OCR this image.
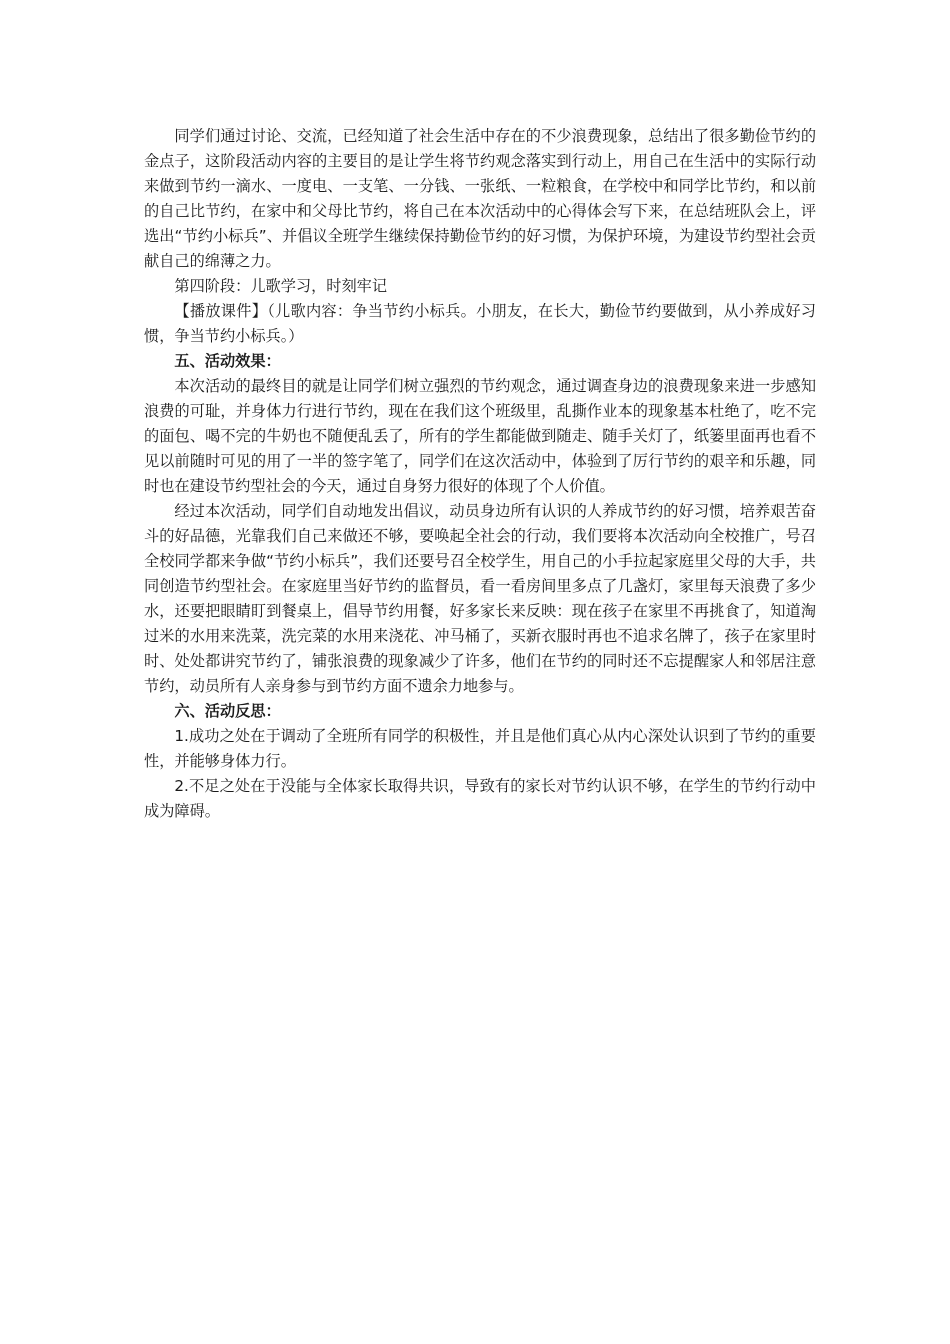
同学们通过讨论、交流，已经知道了社会生活中存在的不少浪费现象，总结出了很多勤俭节约的金点子，这阶段活动内容的主要目的是让学生将节约观念落实到行动上，用自己在生活中的实际行动来做到节约一滴水、一度电、一支笔、一分钱、一张纸、一粒粮食，在学校中和同学比节约，和以前的自己比节约，在家中和父母比节约，将自己在本次活动中的心得体会写下来，在总结班队会上，评选出“节约小标兵”、并倡议全班学生继续保持勤俭节约的好习惯，为保护环境，为建设节约型社会贡献自己的绵薄之力。

第四阶段：儿歌学习，时刻牢记

【播放课件】（儿歌内容：争当节约小标兵。小朋友，在长大，勤俭节约要做到，从小养成好习惯，争当节约小标兵。）

五、活动效果：

本次活动的最终目的就是让同学们树立强烈的节约观念，通过调查身边的浪费现象来进一步感知浪费的可耻，并身体力行进行节约，现在在我们这个班级里，乱撕作业本的现象基本杜绝了，吃不完的面包、喝不完的牛奶也不随便乱丢了，所有的学生都能做到随走、随手关灯了，纸篓里面再也看不见以前随时可见的用了一半的签字笔了，同学们在这次活动中，体验到了厉行节约的艰辛和乐趣，同时也在建设节约型社会的今天，通过自身努力很好的体现了个人价值。

经过本次活动，同学们自动地发出倡议，动员身边所有认识的人养成节约的好习惯，培养艰苦奋斗的好品德，光靠我们自己来做还不够，要唤起全社会的行动，我们要将本次活动向全校推广，号召全校同学都来争做“节约小标兵”，我们还要号召全校学生，用自己的小手拉起家庭里父母的大手，共同创造节约型社会。在家庭里当好节约的监督员，看一看房间里多点了几盏灯，家里每天浪费了多少水，还要把眼睛盯到餐桌上，倡导节约用餐，好多家长来反映：现在孩子在家里不再挑食了，知道淘过米的水用来洗菜，洗完菜的水用来浇花、冲马桶了，买新衣服时再也不追求名牌了，孩子在家里时时、处处都讲究节约了，铺张浪费的现象减少了许多，他们在节约的同时还不忘提醒家人和邻居注意节约，动员所有人亲身参与到节约方面不遗余力地参与。

六、活动反思：

1.成功之处在于调动了全班所有同学的积极性，并且是他们真心从内心深处认识到了节约的重要性，并能够身体力行。

2.不足之处在于没能与全体家长取得共识，导致有的家长对节约认识不够，在学生的节约行动中成为障碍。
